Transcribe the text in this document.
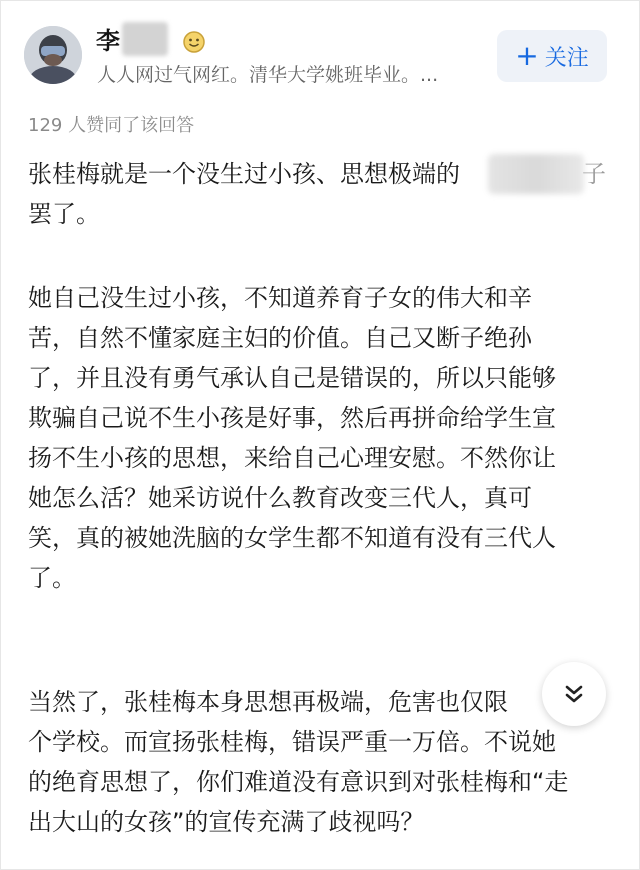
李
人人网过气网红。清华大学姚班毕业。...
+ 关注
129 人赞同了该回答
张桂梅就是一个没生过小孩、思想极端的
罢了。
子
她自己没生过小孩，不知道养育子女的伟大和辛
苦，自然不懂家庭主妇的价值。自己又断子绝孙
了，并且没有勇气承认自己是错误的，所以只能够
欺骗自己说不生小孩是好事，然后再拼命给学生宣
扬不生小孩的思想，来给自己心理安慰。不然你让
她怎么活？她采访说什么教育改变三代人，真可
笑，真的被她洗脑的女学生都不知道有没有三代人
了。
当然了，张桂梅本身思想再极端，危害也仅限
个学校。而宣扬张桂梅，错误严重一万倍。不说她
的绝育思想了，你们难道没有意识到对张桂梅和“走
出大山的女孩”的宣传充满了歧视吗？
